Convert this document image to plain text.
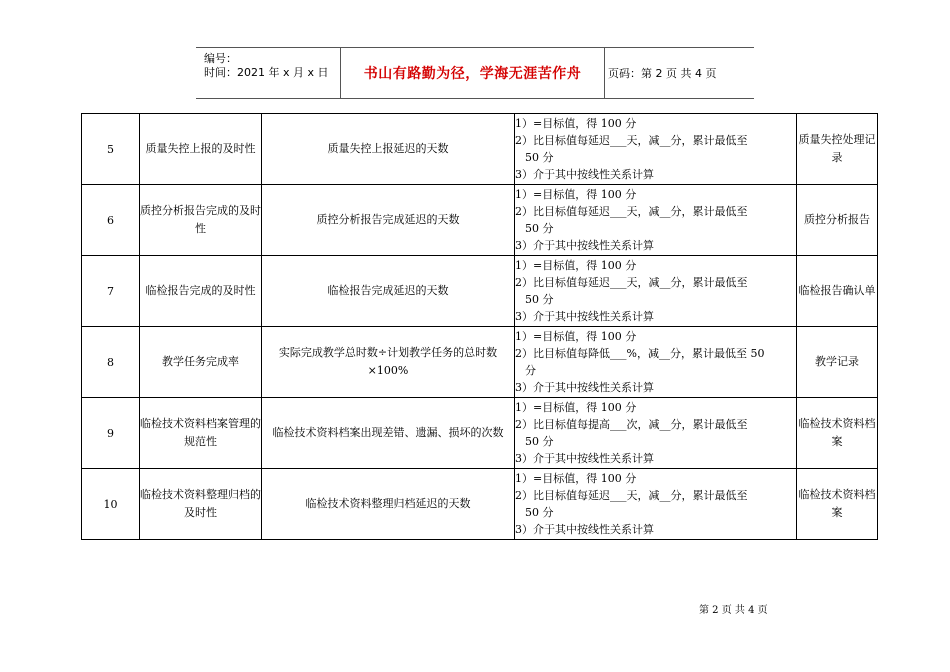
编号：
时间：2021 年 x 月 x 日	书山有路勤为径，学海无涯苦作舟	页码：第 2 页 共 4 页
5	质量失控上报的及时性	质量失控上报延迟的天数	1）=目标值，得 100 分
2）比目标值每延迟___天，减__分，累计最低至
50 分
3）介于其中按线性关系计算	质量失控处理记录
6	质控分析报告完成的及时性	质控分析报告完成延迟的天数	1）=目标值，得 100 分
2）比目标值每延迟___天，减__分，累计最低至
50 分
3）介于其中按线性关系计算	质控分析报告
7	临检报告完成的及时性	临检报告完成延迟的天数	1）=目标值，得 100 分
2）比目标值每延迟___天，减__分，累计最低至
50 分
3）介于其中按线性关系计算	临检报告确认单
8	教学任务完成率	实际完成教学总时数÷计划教学任务的总时数×100%	1）=目标值，得 100 分
2）比目标值每降低___%，减__分，累计最低至 50
分
3）介于其中按线性关系计算	教学记录
9	临检技术资料档案管理的规范性	临检技术资料档案出现差错、遗漏、损坏的次数	1）=目标值，得 100 分
2）比目标值每提高___次，减__分，累计最低至
50 分
3）介于其中按线性关系计算	临检技术资料档案
10	临检技术资料整理归档的及时性	临检技术资料整理归档延迟的天数	1）=目标值，得 100 分
2）比目标值每延迟___天，减__分，累计最低至
50 分
3）介于其中按线性关系计算	临检技术资料档案
第 2 页 共 4 页
